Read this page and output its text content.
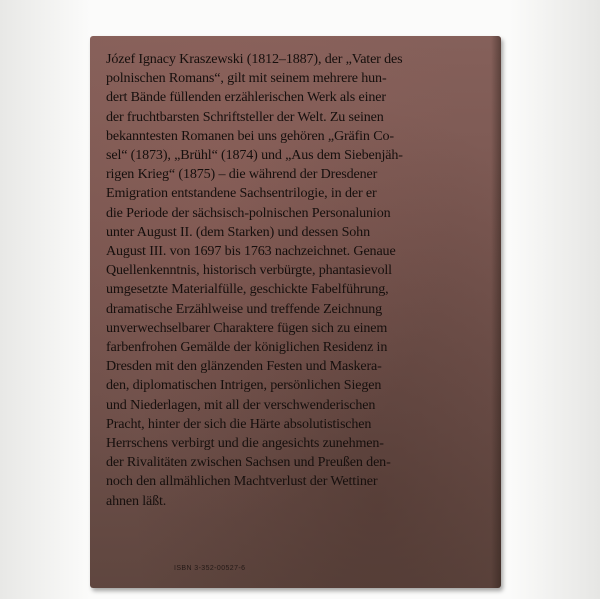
Józef Ignacy Kraszewski (1812–1887), der „Vater des
polnischen Romans“, gilt mit seinem mehrere hun-
dert Bände füllenden erzählerischen Werk als einer
der fruchtbarsten Schriftsteller der Welt. Zu seinen
bekanntesten Romanen bei uns gehören „Gräfin Co-
sel“ (1873), „Brühl“ (1874) und „Aus dem Siebenjäh-
rigen Krieg“ (1875) – die während der Dresdener
Emigration entstandene Sachsentrilogie, in der er
die Periode der sächsisch-polnischen Personalunion
unter August II. (dem Starken) und dessen Sohn
August III. von 1697 bis 1763 nachzeichnet. Genaue
Quellenkenntnis, historisch verbürgte, phantasievoll
umgesetzte Materialfülle, geschickte Fabelführung,
dramatische Erzählweise und treffende Zeichnung
unverwechselbarer Charaktere fügen sich zu einem
farbenfrohen Gemälde der königlichen Residenz in
Dresden mit den glänzenden Festen und Maskera-
den, diplomatischen Intrigen, persönlichen Siegen
und Niederlagen, mit all der verschwenderischen
Pracht, hinter der sich die Härte absolutistischen
Herrschens verbirgt und die angesichts zunehmen-
der Rivalitäten zwischen Sachsen und Preußen den-
noch den allmählichen Machtverlust der Wettiner
ahnen läßt.

ISBN 3-352-00527-6
